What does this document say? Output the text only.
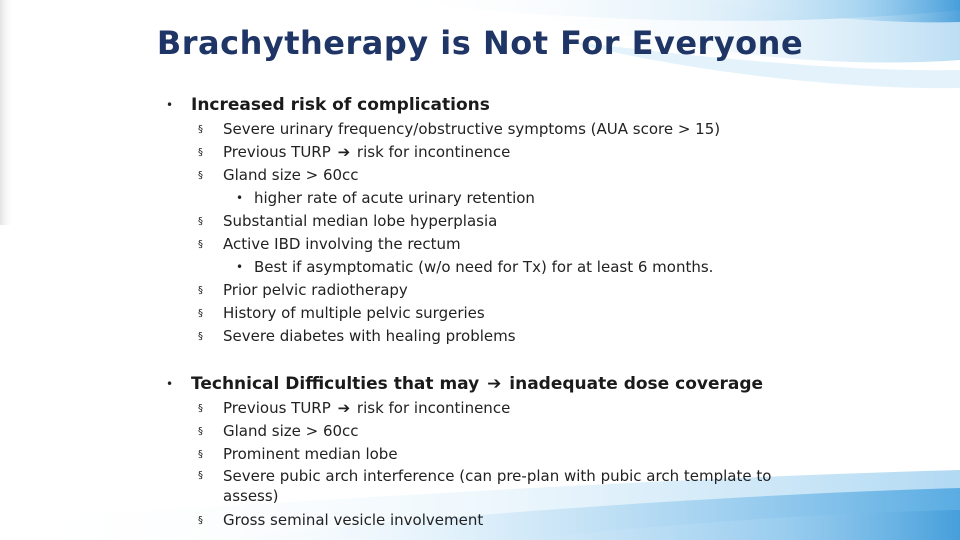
Brachytherapy is Not For Everyone
• Increased risk of complications
§ Severe urinary frequency/obstructive symptoms (AUA score > 15)
§ Previous TURP ➔ risk for incontinence
§ Gland size > 60cc
• higher rate of acute urinary retention
§ Substantial median lobe hyperplasia
§ Active IBD involving the rectum
• Best if asymptomatic (w/o need for Tx) for at least 6 months.
§ Prior pelvic radiotherapy
§ History of multiple pelvic surgeries
§ Severe diabetes with healing problems
• Technical Difficulties that may ➔ inadequate dose coverage
§ Previous TURP ➔ risk for incontinence
§ Gland size > 60cc
§ Prominent median lobe
§ Severe pubic arch interference (can pre-plan with pubic arch template to assess)
§ Gross seminal vesicle involvement
